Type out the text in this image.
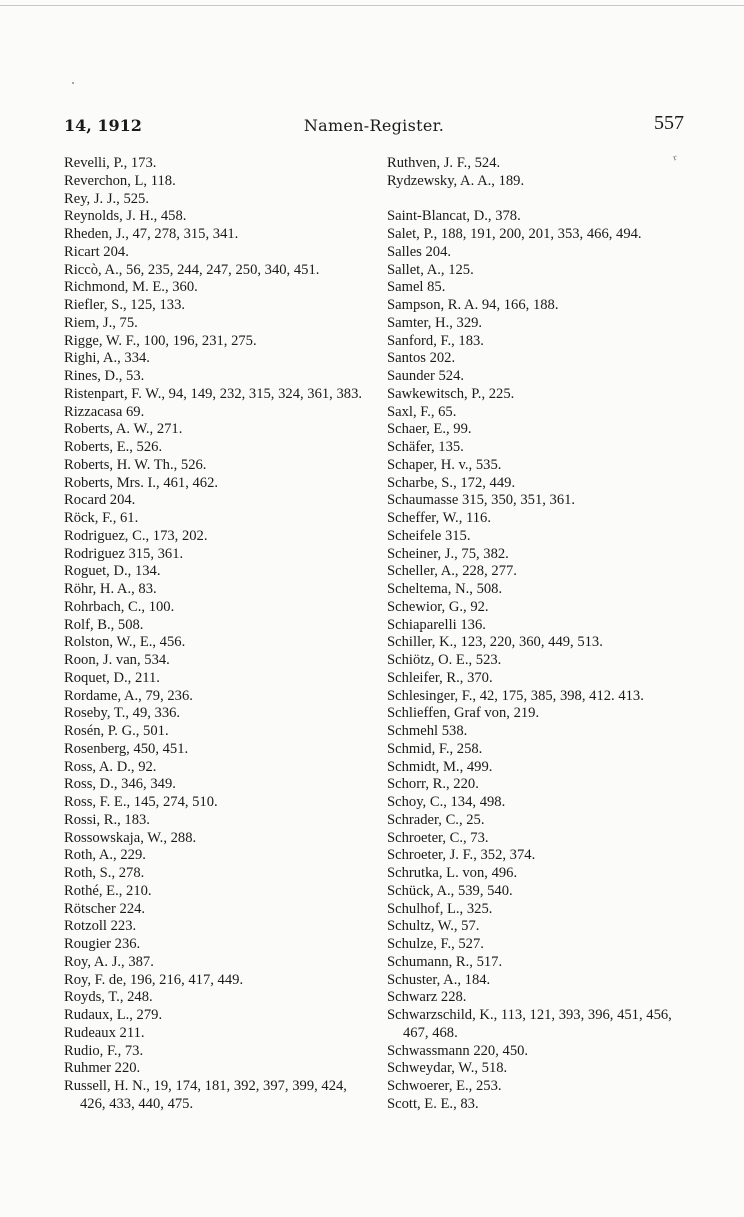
14, 1912	Namen-Register.	557
ʳ
Revelli, P., 173.
Reverchon, L, 118.
Rey, J. J., 525.
Reynolds, J. H., 458.
Rheden, J., 47, 278, 315, 341.
Ricart 204.
Riccò, A., 56, 235, 244, 247, 250, 340, 451.
Richmond, M. E., 360.
Riefler, S., 125, 133.
Riem, J., 75.
Rigge, W. F., 100, 196, 231, 275.
Righi, A., 334.
Rines, D., 53.
Ristenpart, F. W., 94, 149, 232, 315, 324, 361, 383.
Rizzacasa 69.
Roberts, A. W., 271.
Roberts, E., 526.
Roberts, H. W. Th., 526.
Roberts, Mrs. I., 461, 462.
Rocard 204.
Röck, F., 61.
Rodriguez, C., 173, 202.
Rodriguez 315, 361.
Roguet, D., 134.
Röhr, H. A., 83.
Rohrbach, C., 100.
Rolf, B., 508.
Rolston, W., E., 456.
Roon, J. van, 534.
Roquet, D., 211.
Rordame, A., 79, 236.
Roseby, T., 49, 336.
Rosén, P. G., 501.
Rosenberg, 450, 451.
Ross, A. D., 92.
Ross, D., 346, 349.
Ross, F. E., 145, 274, 510.
Rossi, R., 183.
Rossowskaja, W., 288.
Roth, A., 229.
Roth, S., 278.
Rothé, E., 210.
Rötscher 224.
Rotzoll 223.
Rougier 236.
Roy, A. J., 387.
Roy, F. de, 196, 216, 417, 449.
Royds, T., 248.
Rudaux, L., 279.
Rudeaux 211.
Rudio, F., 73.
Ruhmer 220.
Russell, H. N., 19, 174, 181, 392, 397, 399, 424, 426, 433, 440, 475.
Ruthven, J. F., 524.
Rydzewsky, A. A., 189.
Saint-Blancat, D., 378.
Salet, P., 188, 191, 200, 201, 353, 466, 494.
Salles 204.
Sallet, A., 125.
Samel 85.
Sampson, R. A. 94, 166, 188.
Samter, H., 329.
Sanford, F., 183.
Santos 202.
Saunder 524.
Sawkewitsch, P., 225.
Saxl, F., 65.
Schaer, E., 99.
Schäfer, 135.
Schaper, H. v., 535.
Scharbe, S., 172, 449.
Schaumasse 315, 350, 351, 361.
Scheffer, W., 116.
Scheifele 315.
Scheiner, J., 75, 382.
Scheller, A., 228, 277.
Scheltema, N., 508.
Schewior, G., 92.
Schiaparelli 136.
Schiller, K., 123, 220, 360, 449, 513.
Schiötz, O. E., 523.
Schleifer, R., 370.
Schlesinger, F., 42, 175, 385, 398, 412. 413.
Schlieffen, Graf von, 219.
Schmehl 538.
Schmid, F., 258.
Schmidt, M., 499.
Schorr, R., 220.
Schoy, C., 134, 498.
Schrader, C., 25.
Schroeter, C., 73.
Schroeter, J. F., 352, 374.
Schrutka, L. von, 496.
Schück, A., 539, 540.
Schulhof, L., 325.
Schultz, W., 57.
Schulze, F., 527.
Schumann, R., 517.
Schuster, A., 184.
Schwarz 228.
Schwarzschild, K., 113, 121, 393, 396, 451, 456, 467, 468.
Schwassmann 220, 450.
Schweydar, W., 518.
Schwoerer, E., 253.
Scott, E. E., 83.
